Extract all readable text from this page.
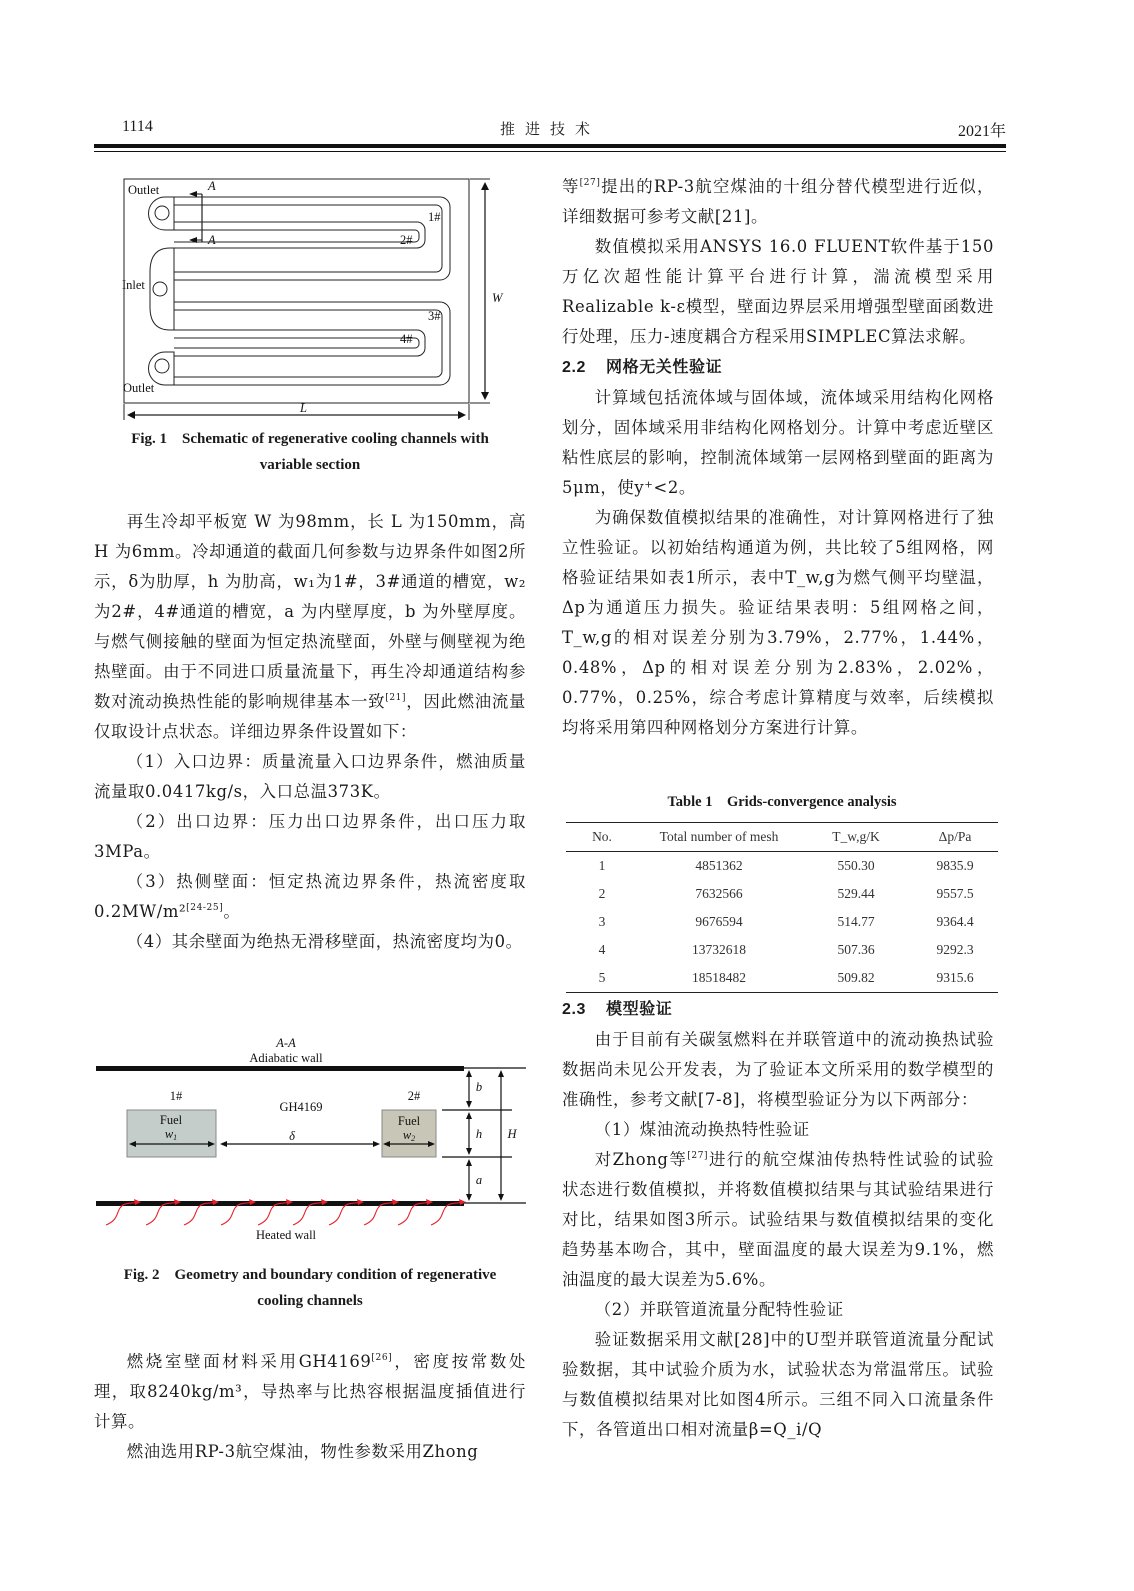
1114	推进技术	2021年
Outlet
Outlet
Inlet
A
A
1#
2#
3#
4#
W
L
Fig. 1    Schematic of regenerative cooling channels with
variable section

再生冷却平板宽 W 为98mm，长 L 为150mm，高 H 为6mm。冷却通道的截面几何参数与边界条件如图2所示，δ为肋厚，h 为肋高，w₁为1#，3#通道的槽宽，w₂为2#，4#通道的槽宽，a 为内壁厚度，b 为外壁厚度。与燃气侧接触的壁面为恒定热流壁面，外壁与侧壁视为绝热壁面。由于不同进口质量流量下，再生冷却通道结构参数对流动换热性能的影响规律基本一致[21]，因此燃油流量仅取设计点状态。详细边界条件设置如下：

（1）入口边界：质量流量入口边界条件，燃油质量流量取0.0417kg/s，入口总温373K。

（2）出口边界：压力出口边界条件，出口压力取3MPa。

（3）热侧壁面：恒定热流边界条件，热流密度取0.2MW/m²[24-25]。

（4）其余壁面为绝热无滑移壁面，热流密度均为0。

A-A
Adiabatic wall
1#	2#
GH4169
Heated wall
Fuel
w1
Fuel
w2
δ
b
h
a
H
Fig. 2    Geometry and boundary condition of regenerative
cooling channels

燃烧室壁面材料采用GH4169[26]，密度按常数处理，取8240kg/m³，导热率与比热容根据温度插值进行计算。

燃油选用RP-3航空煤油，物性参数采用Zhong

等[27]提出的RP-3航空煤油的十组分替代模型进行近似，详细数据可参考文献[21]。

数值模拟采用ANSYS 16.0 FLUENT软件基于150万亿次超性能计算平台进行计算，湍流模型采用Realizable k-ε模型，壁面边界层采用增强型壁面函数进行处理，压力-速度耦合方程采用SIMPLEC算法求解。

2.2 网格无关性验证

计算域包括流体域与固体域，流体域采用结构化网格划分，固体域采用非结构化网格划分。计算中考虑近壁区粘性底层的影响，控制流体域第一层网格到壁面的距离为5μm，使y⁺<2。

为确保数值模拟结果的准确性，对计算网格进行了独立性验证。以初始结构通道为例，共比较了5组网格，网格验证结果如表1所示，表中T_w,g为燃气侧平均壁温，Δp为通道压力损失。验证结果表明：5组网格之间，T_w,g的相对误差分别为3.79%，2.77%，1.44%，0.48%，Δp的相对误差分别为2.83%，2.02%，0.77%，0.25%，综合考虑计算精度与效率，后续模拟均将采用第四种网格划分方案进行计算。

Table 1    Grids-convergence analysis
No.	Total number of mesh	T_w,g/K	Δp/Pa
1	4851362	550.30	9835.9
2	7632566	529.44	9557.5
3	9676594	514.77	9364.4
4	13732618	507.36	9292.3
5	18518482	509.82	9315.6
2.3 模型验证

由于目前有关碳氢燃料在并联管道中的流动换热试验数据尚未见公开发表，为了验证本文所采用的数学模型的准确性，参考文献[7-8]，将模型验证分为以下两部分：

（1）煤油流动换热特性验证

对Zhong等[27]进行的航空煤油传热特性试验的试验状态进行数值模拟，并将数值模拟结果与其试验结果进行对比，结果如图3所示。试验结果与数值模拟结果的变化趋势基本吻合，其中，壁面温度的最大误差为9.1%，燃油温度的最大误差为5.6%。

（2）并联管道流量分配特性验证

验证数据采用文献[28]中的U型并联管道流量分配试验数据，其中试验介质为水，试验状态为常温常压。试验与数值模拟结果对比如图4所示。三组不同入口流量条件下，各管道出口相对流量β=Q_i/Q
